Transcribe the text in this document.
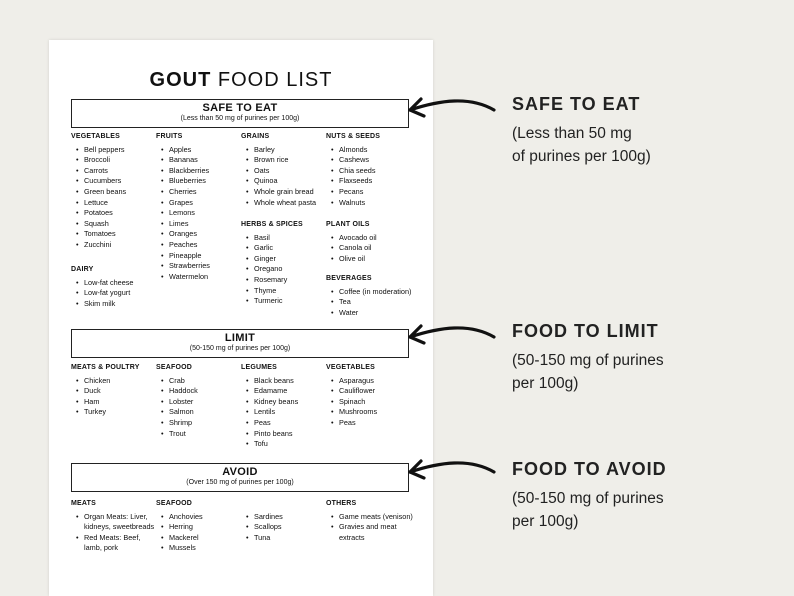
GOUT FOOD LIST
SAFE TO EAT
(Less than 50 mg of purines per 100g)
VEGETABLES
• Bell peppers
• Broccoli
• Carrots
• Cucumbers
• Green beans
• Lettuce
• Potatoes
• Squash
• Tomatoes
• Zucchini
DAIRY
• Low-fat cheese
• Low-fat yogurt
• Skim milk
FRUITS
• Apples
• Bananas
• Blackberries
• Blueberries
• Cherries
• Grapes
• Lemons
• Limes
• Oranges
• Peaches
• Pineapple
• Strawberries
• Watermelon
GRAINS
• Barley
• Brown rice
• Oats
• Quinoa
• Whole grain bread
• Whole wheat pasta
HERBS & SPICES
• Basil
• Garlic
• Ginger
• Oregano
• Rosemary
• Thyme
• Turmeric
NUTS & SEEDS
• Almonds
• Cashews
• Chia seeds
• Flaxseeds
• Pecans
• Walnuts
PLANT OILS
• Avocado oil
• Canola oil
• Olive oil
BEVERAGES
• Coffee (in moderation)
• Tea
• Water
LIMIT
(50-150 mg of purines per 100g)
MEATS & POULTRY
• Chicken
• Duck
• Ham
• Turkey
SEAFOOD
• Crab
• Haddock
• Lobster
• Salmon
• Shrimp
• Trout
LEGUMES
• Black beans
• Edamame
• Kidney beans
• Lentils
• Peas
• Pinto beans
• Tofu
VEGETABLES
• Asparagus
• Cauliflower
• Spinach
• Mushrooms
• Peas
AVOID
(Over 150 mg of purines per 100g)
MEATS
• Organ Meats: Liver, kidneys, sweetbreads
• Red Meats: Beef, lamb, pork
SEAFOOD
• Anchovies
• Herring
• Mackerel
• Mussels

• Sardines
• Scallops
• Tuna
OTHERS
• Game meats (venison)
• Gravies and meat extracts
SAFE TO EAT
(Less than 50 mg
of purines per 100g)
FOOD TO LIMIT
(50-150 mg of purines
per 100g)
FOOD TO AVOID
(50-150 mg of purines
per 100g)
